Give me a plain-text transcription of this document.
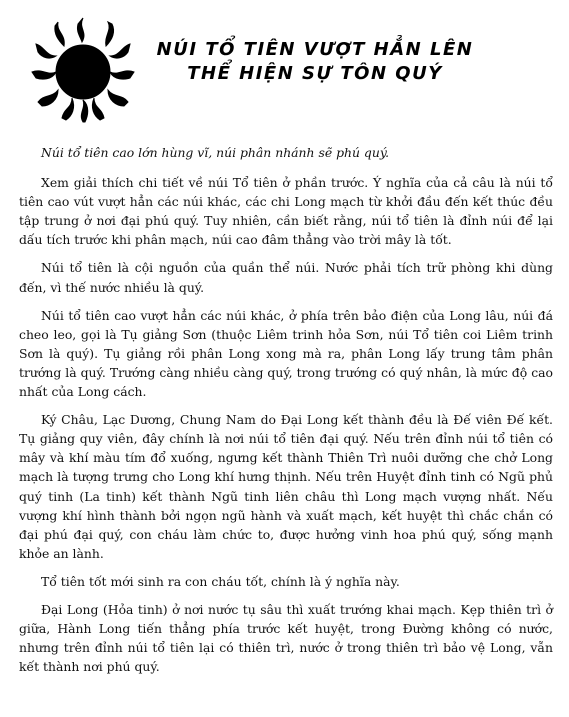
NÚI TỔ TIÊN VƯỢT HẲN LÊN
THỂ HIỆN SỰ TÔN QUÝ

Núi tổ tiên cao lớn hùng vĩ, núi phân nhánh sẽ phú quý.

Xem giải thích chi tiết về núi Tổ tiên ở phần trước. Ý nghĩa của cả câu là núi tổ tiên cao vút vượt hẳn các núi khác, các chi Long mạch từ khởi đầu đến kết thúc đều tập trung ở nơi đại phú quý. Tuy nhiên, cần biết rằng, núi tổ tiên là đỉnh núi để lại dấu tích trước khi phân mạch, núi cao đâm thẳng vào trời mây là tốt.

Núi tổ tiên là cội nguồn của quần thể núi. Nước phải tích trữ phòng khi dùng đến, vì thế nước nhiều là quý.

Núi tổ tiên cao vượt hẳn các núi khác, ở phía trên bảo điện của Long lâu, núi đá cheo leo, gọi là Tụ giảng Sơn (thuộc Liêm trinh hỏa Sơn, núi Tổ tiên coi Liêm trinh Sơn là quý). Tụ giảng rồi phân Long xong mà ra, phân Long lấy trung tâm phân trướng là quý. Trướng càng nhiều càng quý, trong trướng có quý nhân, là mức độ cao nhất của Long cách.

Ký Châu, Lạc Dương, Chung Nam do Đại Long kết thành đều là Đế viên Đế kết. Tụ giảng quy viên, đây chính là nơi núi tổ tiên đại quý. Nếu trên đỉnh núi tổ tiên có mây và khí màu tím đổ xuống, ngưng kết thành Thiên Trì nuôi dưỡng che chở Long mạch là tượng trưng cho Long khí hưng thịnh. Nếu trên Huyệt đỉnh tinh có Ngũ phủ quý tinh (La tinh) kết thành Ngũ tinh liên châu thì Long mạch vượng nhất. Nếu vượng khí hình thành bởi ngọn ngũ hành và xuất mạch, kết huyệt thì chắc chắn có đại phú đại quý, con cháu làm chức to, được hưởng vinh hoa phú quý, sống mạnh khỏe an lành.

Tổ tiên tốt mới sinh ra con cháu tốt, chính là ý nghĩa này.

Đại Long (Hỏa tinh) ở nơi nước tụ sâu thì xuất trướng khai mạch. Kẹp thiên trì ở giữa, Hành Long tiến thẳng phía trước kết huyệt, trong Đường không có nước, nhưng trên đỉnh núi tổ tiên lại có thiên trì, nước ở trong thiên trì bảo vệ Long, vẫn kết thành nơi phú quý.
